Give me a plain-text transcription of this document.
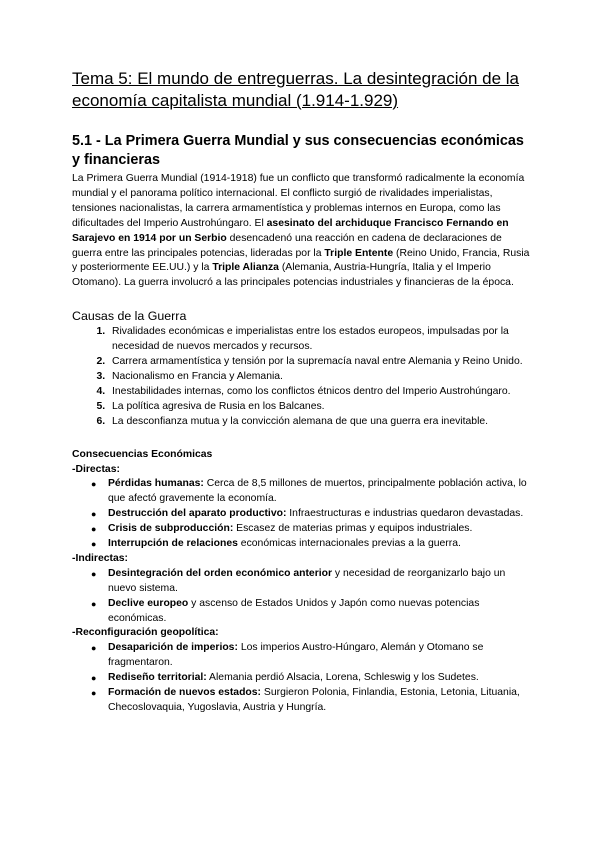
Tema 5: El mundo de entreguerras. La desintegración de la economía capitalista mundial (1.914-1.929)
5.1 - La Primera Guerra Mundial y sus consecuencias económicas y financieras

La Primera Guerra Mundial (1914-1918) fue un conflicto que transformó radicalmente la economía mundial y el panorama político internacional. El conflicto surgió de rivalidades imperialistas, tensiones nacionalistas, la carrera armamentística y problemas internos en Europa, como las dificultades del Imperio Austrohúngaro. El asesinato del archiduque Francisco Fernando en Sarajevo en 1914 por un Serbio desencadenó una reacción en cadena de declaraciones de guerra entre las principales potencias, lideradas por la Triple Entente (Reino Unido, Francia, Rusia y posteriormente EE.UU.) y la Triple Alianza (Alemania, Austria-Hungría, Italia y el Imperio Otomano). La guerra involucró a las principales potencias industriales y financieras de la época.

Causas de la Guerra
1. Rivalidades económicas e imperialistas entre los estados europeos, impulsadas por la necesidad de nuevos mercados y recursos.
2. Carrera armamentística y tensión por la supremacía naval entre Alemania y Reino Unido.
3. Nacionalismo en Francia y Alemania.
4. Inestabilidades internas, como los conflictos étnicos dentro del Imperio Austrohúngaro.
5. La política agresiva de Rusia en los Balcanes.
6. La desconfianza mutua y la convicción alemana de que una guerra era inevitable.

Consecuencias Económicas

-Directas:

● Pérdidas humanas: Cerca de 8,5 millones de muertos, principalmente población activa, lo que afectó gravemente la economía.
● Destrucción del aparato productivo: Infraestructuras e industrias quedaron devastadas.
● Crisis de subproducción: Escasez de materias primas y equipos industriales.
● Interrupción de relaciones económicas internacionales previas a la guerra.

-Indirectas:

● Desintegración del orden económico anterior y necesidad de reorganizarlo bajo un nuevo sistema.
● Declive europeo y ascenso de Estados Unidos y Japón como nuevas potencias económicas.

-Reconfiguración geopolítica:

● Desaparición de imperios: Los imperios Austro-Húngaro, Alemán y Otomano se fragmentaron.
● Rediseño territorial: Alemania perdió Alsacia, Lorena, Schleswig y los Sudetes.
● Formación de nuevos estados: Surgieron Polonia, Finlandia, Estonia, Letonia, Lituania, Checoslovaquia, Yugoslavia, Austria y Hungría.
